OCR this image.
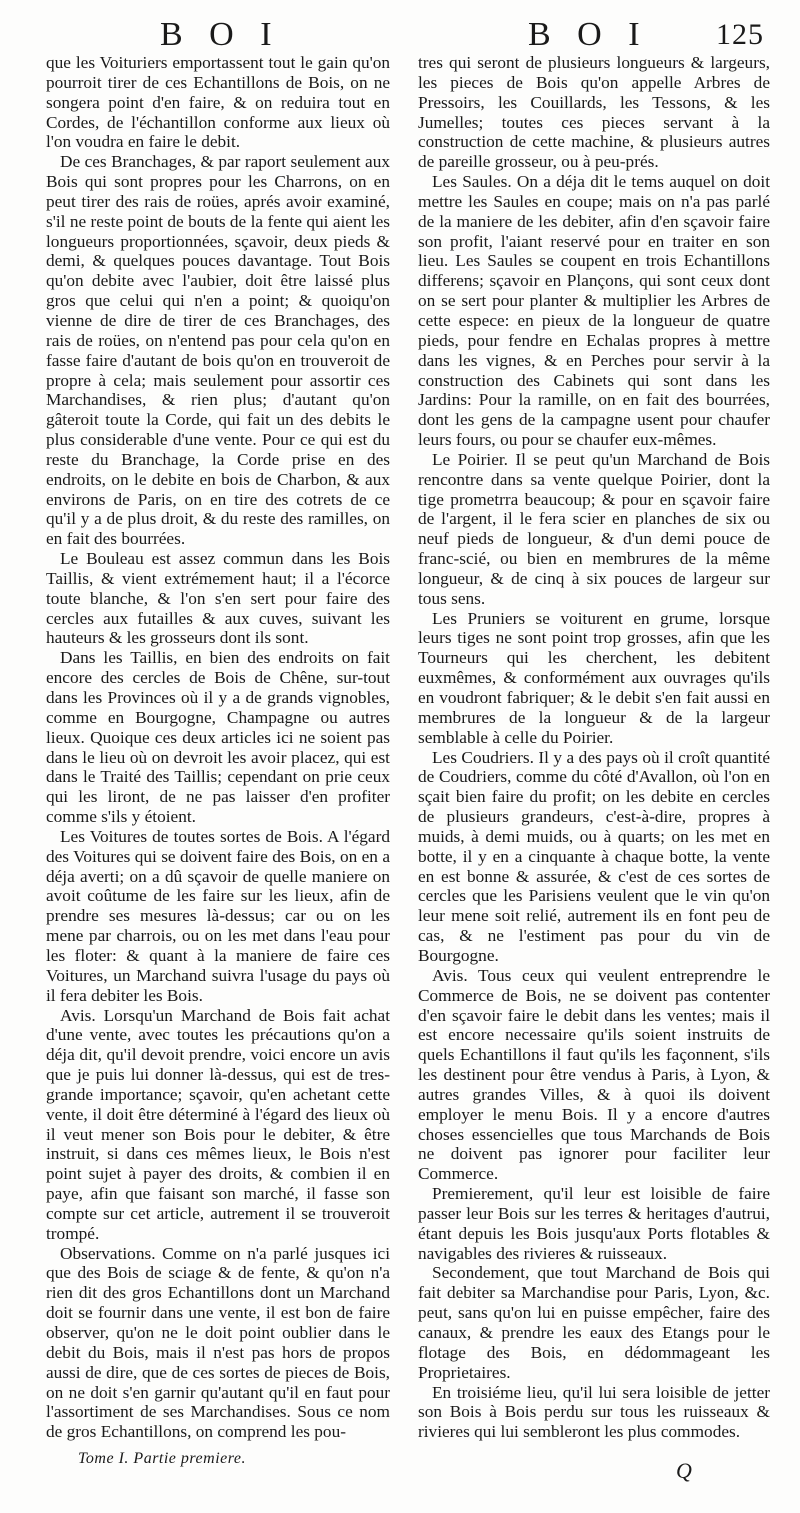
B O I	B O I 125

que les Voituriers emportassent tout le gain qu'on pourroit tirer de ces Echantillons de Bois, on ne songera point d'en faire, & on reduira tout en Cordes, de l'échantillon conforme aux lieux où l'on voudra en faire le debit.

De ces Branchages, & par raport seulement aux Bois qui sont propres pour les Charrons, on en peut tirer des rais de roües, aprés avoir examiné, s'il ne reste point de bouts de la fente qui aient les longueurs proportionnées, sçavoir, deux pieds & demi, & quelques pouces davantage. Tout Bois qu'on debite avec l'aubier, doit être laissé plus gros que celui qui n'en a point; & quoiqu'on vienne de dire de tirer de ces Branchages, des rais de roües, on n'entend pas pour cela qu'on en fasse faire d'autant de bois qu'on en trouveroit de propre à cela; mais seulement pour assortir ces Marchandises, & rien plus; d'autant qu'on gâteroit toute la Corde, qui fait un des debits le plus considerable d'une vente. Pour ce qui est du reste du Branchage, la Corde prise en des endroits, on le debite en bois de Charbon, & aux environs de Paris, on en tire des cotrets de ce qu'il y a de plus droit, & du reste des ramilles, on en fait des bourrées.

Le Bouleau est assez commun dans les Bois Taillis, & vient extrémement haut; il a l'écorce toute blanche, & l'on s'en sert pour faire des cercles aux futailles & aux cuves, suivant les hauteurs & les grosseurs dont ils sont.

Dans les Taillis, en bien des endroits on fait encore des cercles de Bois de Chêne, sur-tout dans les Provinces où il y a de grands vignobles, comme en Bourgogne, Champagne ou autres lieux. Quoique ces deux articles ici ne soient pas dans le lieu où on devroit les avoir placez, qui est dans le Traité des Taillis; cependant on prie ceux qui les liront, de ne pas laisser d'en profiter comme s'ils y étoient.

Les Voitures de toutes sortes de Bois. A l'égard des Voitures qui se doivent faire des Bois, on en a déja averti; on a dû sçavoir de quelle maniere on avoit coûtume de les faire sur les lieux, afin de prendre ses mesures là-dessus; car ou on les mene par charrois, ou on les met dans l'eau pour les floter: & quant à la maniere de faire ces Voitures, un Marchand suivra l'usage du pays où il fera debiter les Bois.

Avis. Lorsqu'un Marchand de Bois fait achat d'une vente, avec toutes les précautions qu'on a déja dit, qu'il devoit prendre, voici encore un avis que je puis lui donner là-dessus, qui est de tres-grande importance; sçavoir, qu'en achetant cette vente, il doit être déterminé à l'égard des lieux où il veut mener son Bois pour le debiter, & être instruit, si dans ces mêmes lieux, le Bois n'est point sujet à payer des droits, & combien il en paye, afin que faisant son marché, il fasse son compte sur cet article, autrement il se trouveroit trompé.

Observations. Comme on n'a parlé jusques ici que des Bois de sciage & de fente, & qu'on n'a rien dit des gros Echantillons dont un Marchand doit se fournir dans une vente, il est bon de faire observer, qu'on ne le doit point oublier dans le debit du Bois, mais il n'est pas hors de propos aussi de dire, que de ces sortes de pieces de Bois, on ne doit s'en garnir qu'autant qu'il en faut pour l'assortiment de ses Marchandises. Sous ce nom de gros Echantillons, on comprend les pou-

tres qui seront de plusieurs longueurs & largeurs, les pieces de Bois qu'on appelle Arbres de Pressoirs, les Couillards, les Tessons, & les Jumelles; toutes ces pieces servant à la construction de cette machine, & plusieurs autres de pareille grosseur, ou à peu-prés.

Les Saules. On a déja dit le tems auquel on doit mettre les Saules en coupe; mais on n'a pas parlé de la maniere de les debiter, afin d'en sçavoir faire son profit, l'aiant reservé pour en traiter en son lieu. Les Saules se coupent en trois Echantillons differens; sçavoir en Plançons, qui sont ceux dont on se sert pour planter & multiplier les Arbres de cette espece: en pieux de la longueur de quatre pieds, pour fendre en Echalas propres à mettre dans les vignes, & en Perches pour servir à la construction des Cabinets qui sont dans les Jardins: Pour la ramille, on en fait des bourrées, dont les gens de la campagne usent pour chaufer leurs fours, ou pour se chaufer eux-mêmes.

Le Poirier. Il se peut qu'un Marchand de Bois rencontre dans sa vente quelque Poirier, dont la tige prometrra beaucoup; & pour en sçavoir faire de l'argent, il le fera scier en planches de six ou neuf pieds de longueur, & d'un demi pouce de franc-scié, ou bien en membrures de la même longueur, & de cinq à six pouces de largeur sur tous sens.

Les Pruniers se voiturent en grume, lorsque leurs tiges ne sont point trop grosses, afin que les Tourneurs qui les cherchent, les debitent euxmêmes, & conformément aux ouvrages qu'ils en voudront fabriquer; & le debit s'en fait aussi en membrures de la longueur & de la largeur semblable à celle du Poirier.

Les Coudriers. Il y a des pays où il croît quantité de Coudriers, comme du côté d'Avallon, où l'on en sçait bien faire du profit; on les debite en cercles de plusieurs grandeurs, c'est-à-dire, propres à muids, à demi muids, ou à quarts; on les met en botte, il y en a cinquante à chaque botte, la vente en est bonne & assurée, & c'est de ces sortes de cercles que les Parisiens veulent que le vin qu'on leur mene soit relié, autrement ils en font peu de cas, & ne l'estiment pas pour du vin de Bourgogne.

Avis. Tous ceux qui veulent entreprendre le Commerce de Bois, ne se doivent pas contenter d'en sçavoir faire le debit dans les ventes; mais il est encore necessaire qu'ils soient instruits de quels Echantillons il faut qu'ils les façonnent, s'ils les destinent pour être vendus à Paris, à Lyon, & autres grandes Villes, & à quoi ils doivent employer le menu Bois. Il y a encore d'autres choses essencielles que tous Marchands de Bois ne doivent pas ignorer pour faciliter leur Commerce.

Premierement, qu'il leur est loisible de faire passer leur Bois sur les terres & heritages d'autrui, étant depuis les Bois jusqu'aux Ports flotables & navigables des rivieres & ruisseaux.

Secondement, que tout Marchand de Bois qui fait debiter sa Marchandise pour Paris, Lyon, &c. peut, sans qu'on lui en puisse empêcher, faire des canaux, & prendre les eaux des Etangs pour le flotage des Bois, en dédommageant les Proprietaires.

En troisiéme lieu, qu'il lui sera loisible de jetter son Bois à Bois perdu sur tous les ruisseaux & rivieres qui lui sembleront les plus commodes.

Tome I. Partie premiere.	Q
